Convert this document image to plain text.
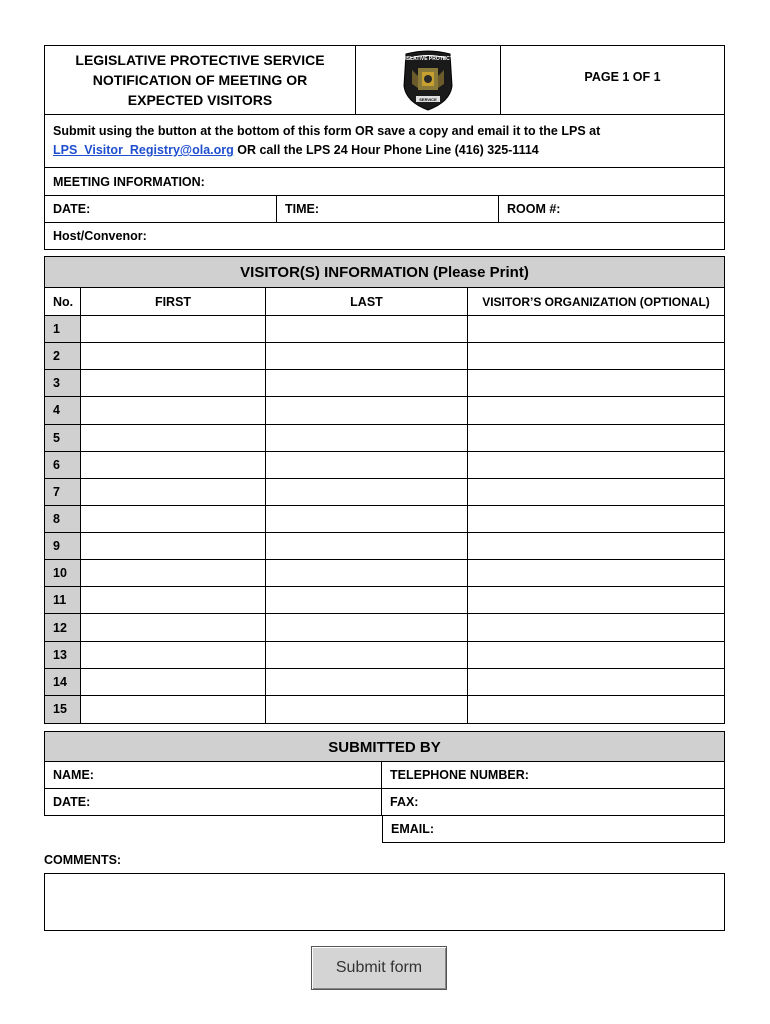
LEGISLATIVE PROTECTIVE SERVICE
NOTIFICATION OF MEETING OR
EXPECTED VISITORS
LEGISLATIVE PROTECTIVE
SERVICE
PAGE 1 OF 1
Submit using the button at the bottom of this form OR save a copy and email it to the LPS at
LPS_Visitor_Registry@ola.org OR call the LPS 24 Hour Phone Line (416) 325-1114
MEETING INFORMATION:
DATE:	TIME:	ROOM #:
Host/Convenor:
VISITOR(S) INFORMATION (Please Print)
No.	FIRST	LAST	VISITOR’S ORGANIZATION (OPTIONAL)
1
2
3
4
5
6
7
8
9
10
11
12
13
14
15
SUBMITTED BY
NAME:	TELEPHONE NUMBER:
DATE:	FAX:
EMAIL:
COMMENTS:
Submit form
